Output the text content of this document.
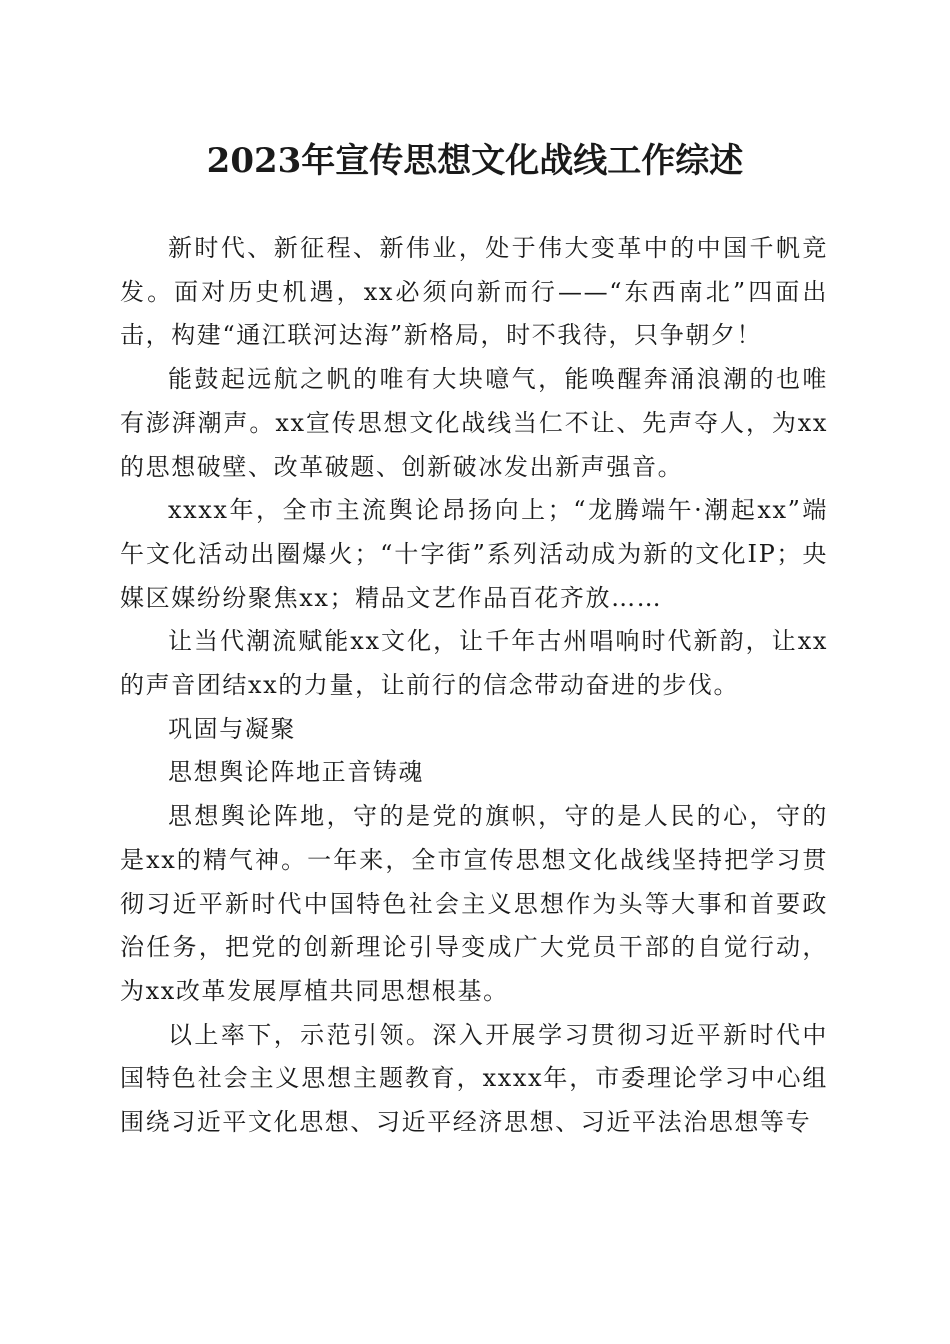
2023年宣传思想文化战线工作综述

新时代、新征程、新伟业，处于伟大变革中的中国千帆竞发。面对历史机遇，xx必须向新而行——“东西南北”四面出击，构建“通江联河达海”新格局，时不我待，只争朝夕！

能鼓起远航之帆的唯有大块噫气，能唤醒奔涌浪潮的也唯有澎湃潮声。xx宣传思想文化战线当仁不让、先声夺人，为xx的思想破壁、改革破题、创新破冰发出新声强音。

xxxx年，全市主流舆论昂扬向上；“龙腾端午·潮起xx”端午文化活动出圈爆火；“十字街”系列活动成为新的文化IP；央媒区媒纷纷聚焦xx；精品文艺作品百花齐放……

让当代潮流赋能xx文化，让千年古州唱响时代新韵，让xx的声音团结xx的力量，让前行的信念带动奋进的步伐。

巩固与凝聚

思想舆论阵地正音铸魂

思想舆论阵地，守的是党的旗帜，守的是人民的心，守的是xx的精气神。一年来，全市宣传思想文化战线坚持把学习贯彻习近平新时代中国特色社会主义思想作为头等大事和首要政治任务，把党的创新理论引导变成广大党员干部的自觉行动，为xx改革发展厚植共同思想根基。

以上率下，示范引领。深入开展学习贯彻习近平新时代中国特色社会主义思想主题教育，xxxx年，市委理论学习中心组围绕习近平文化思想、习近平经济思想、习近平法治思想等专
